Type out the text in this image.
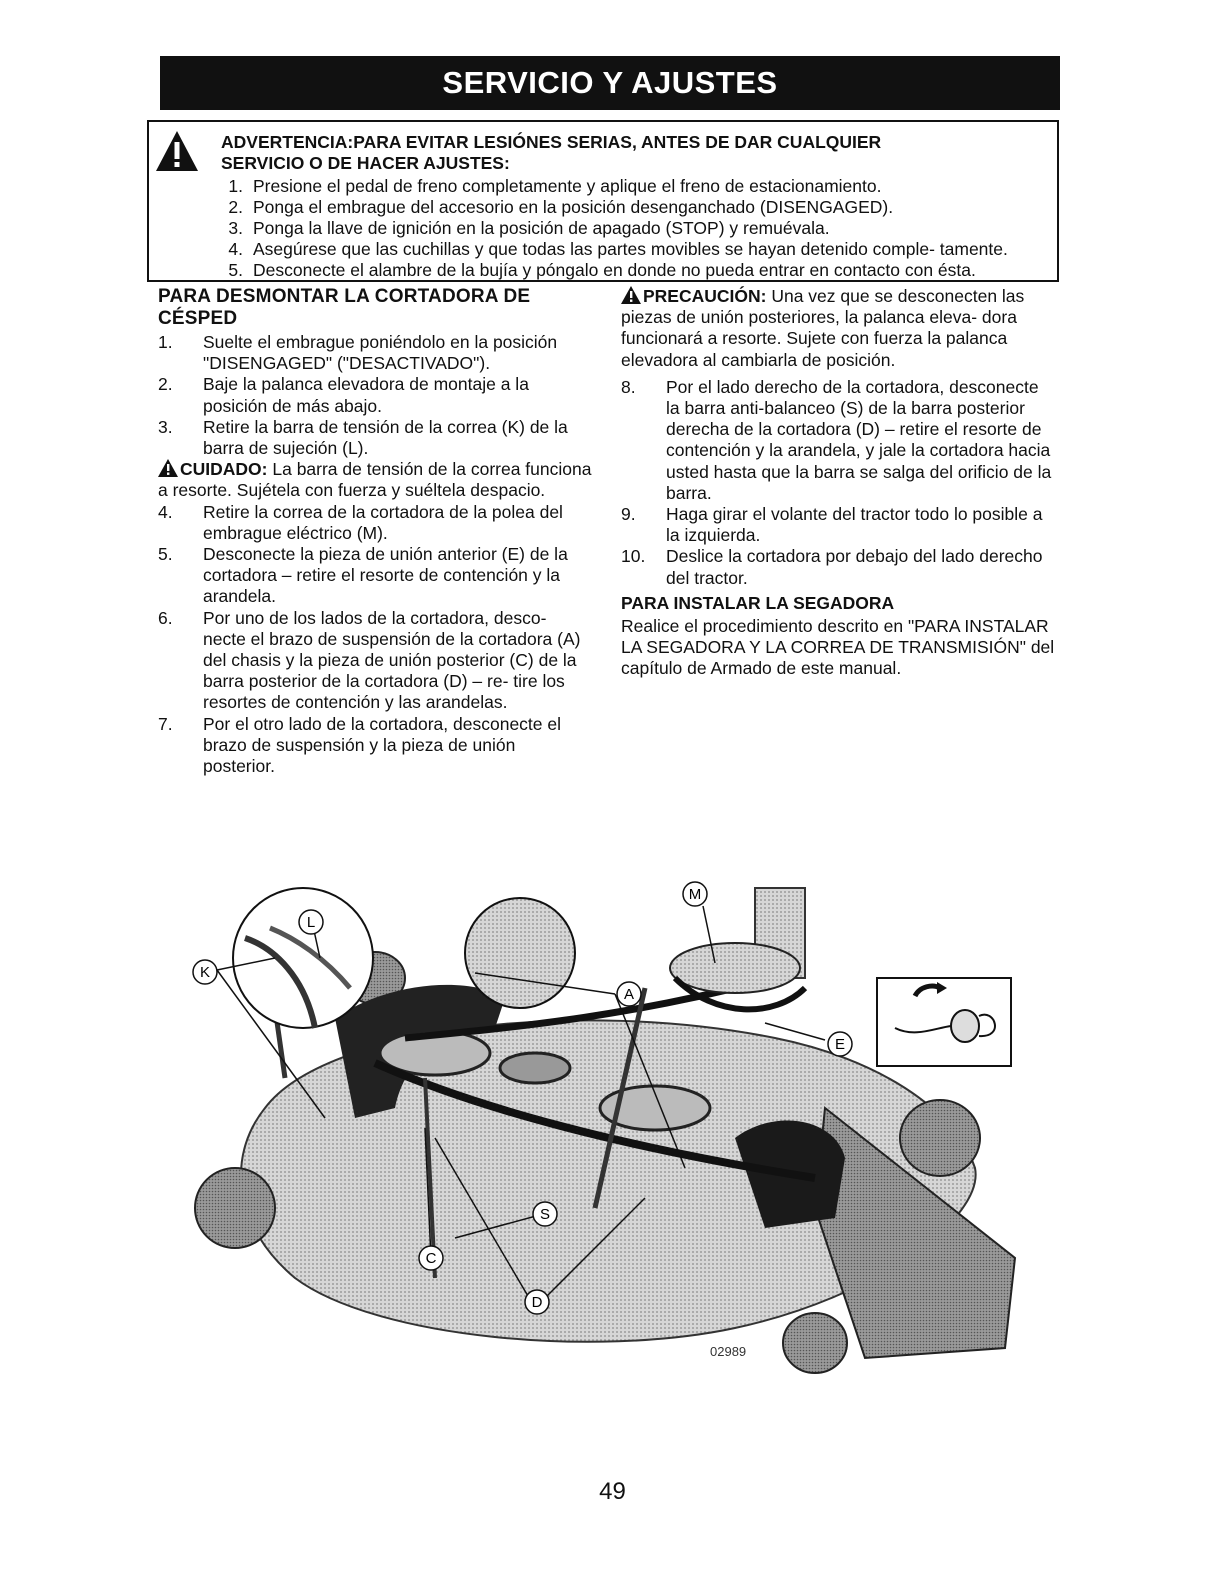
SERVICIO Y AJUSTES
ADVERTENCIA:PARA EVITAR LESIÓNES SERIAS, ANTES DE DAR CUALQUIER
SERVICIO O DE HACER AJUSTES:
1. Presione el pedal de freno completamente y aplique el freno de estacionamiento.
2. Ponga el embrague del accesorio en la posición desenganchado (DISENGAGED).
3. Ponga la llave de ignición en la posición de apagado (STOP) y remuévala.
4. Asegúrese que las cuchillas y que todas las partes movibles se hayan detenido comple- tamente.
5. Desconecte el alambre de la bujía y póngalo en donde no pueda entrar en contacto con ésta.
PARA DESMONTAR LA CORTADORA DE CÉSPED

1. Suelte el embrague poniéndolo en la posición "DISENGAGED" ("DESACTIVADO").

2. Baje la palanca elevadora de montaje a la posición de más abajo.

3. Retire la barra de tensión de la correa (K) de la barra de sujeción (L).

CUIDADO: La barra de tensión de la correa funciona a resorte. Sujétela con fuerza y suéltela despacio.

4. Retire la correa de la cortadora de la polea del embrague eléctrico (M).

5. Desconecte la pieza de unión anterior (E) de la cortadora – retire el resorte de contención y la arandela.

6. Por uno de los lados de la cortadora, desco- necte el brazo de suspensión de la cortadora (A) del chasis y la pieza de unión posterior (C) de la barra posterior de la cortadora (D) – re- tire los resortes de contención y las arandelas.

7. Por el otro lado de la cortadora, desconecte el brazo de suspensión y la pieza de unión posterior.

PRECAUCIÓN: Una vez que se desconecten las piezas de unión posteriores, la palanca eleva- dora funcionará a resorte. Sujete con fuerza la palanca elevadora al cambiarla de posición.

8. Por el lado derecho de la cortadora, desconecte la barra anti-balanceo (S) de la barra posterior derecha de la cortadora (D) – retire el resorte de contención y la arandela, y jale la cortadora hacia usted hasta que la barra se salga del orificio de la barra.

9. Haga girar el volante del tractor todo lo posible a la izquierda.

10. Deslice la cortadora por debajo del lado derecho del tractor.

PARA INSTALAR LA SEGADORA

Realice el procedimiento descrito en "PARA INSTALAR LA SEGADORA Y LA CORREA DE TRANSMISIÓN" del capítulo de Armado de este manual.

K
L
M
A
E
S
C
D
02989
49
